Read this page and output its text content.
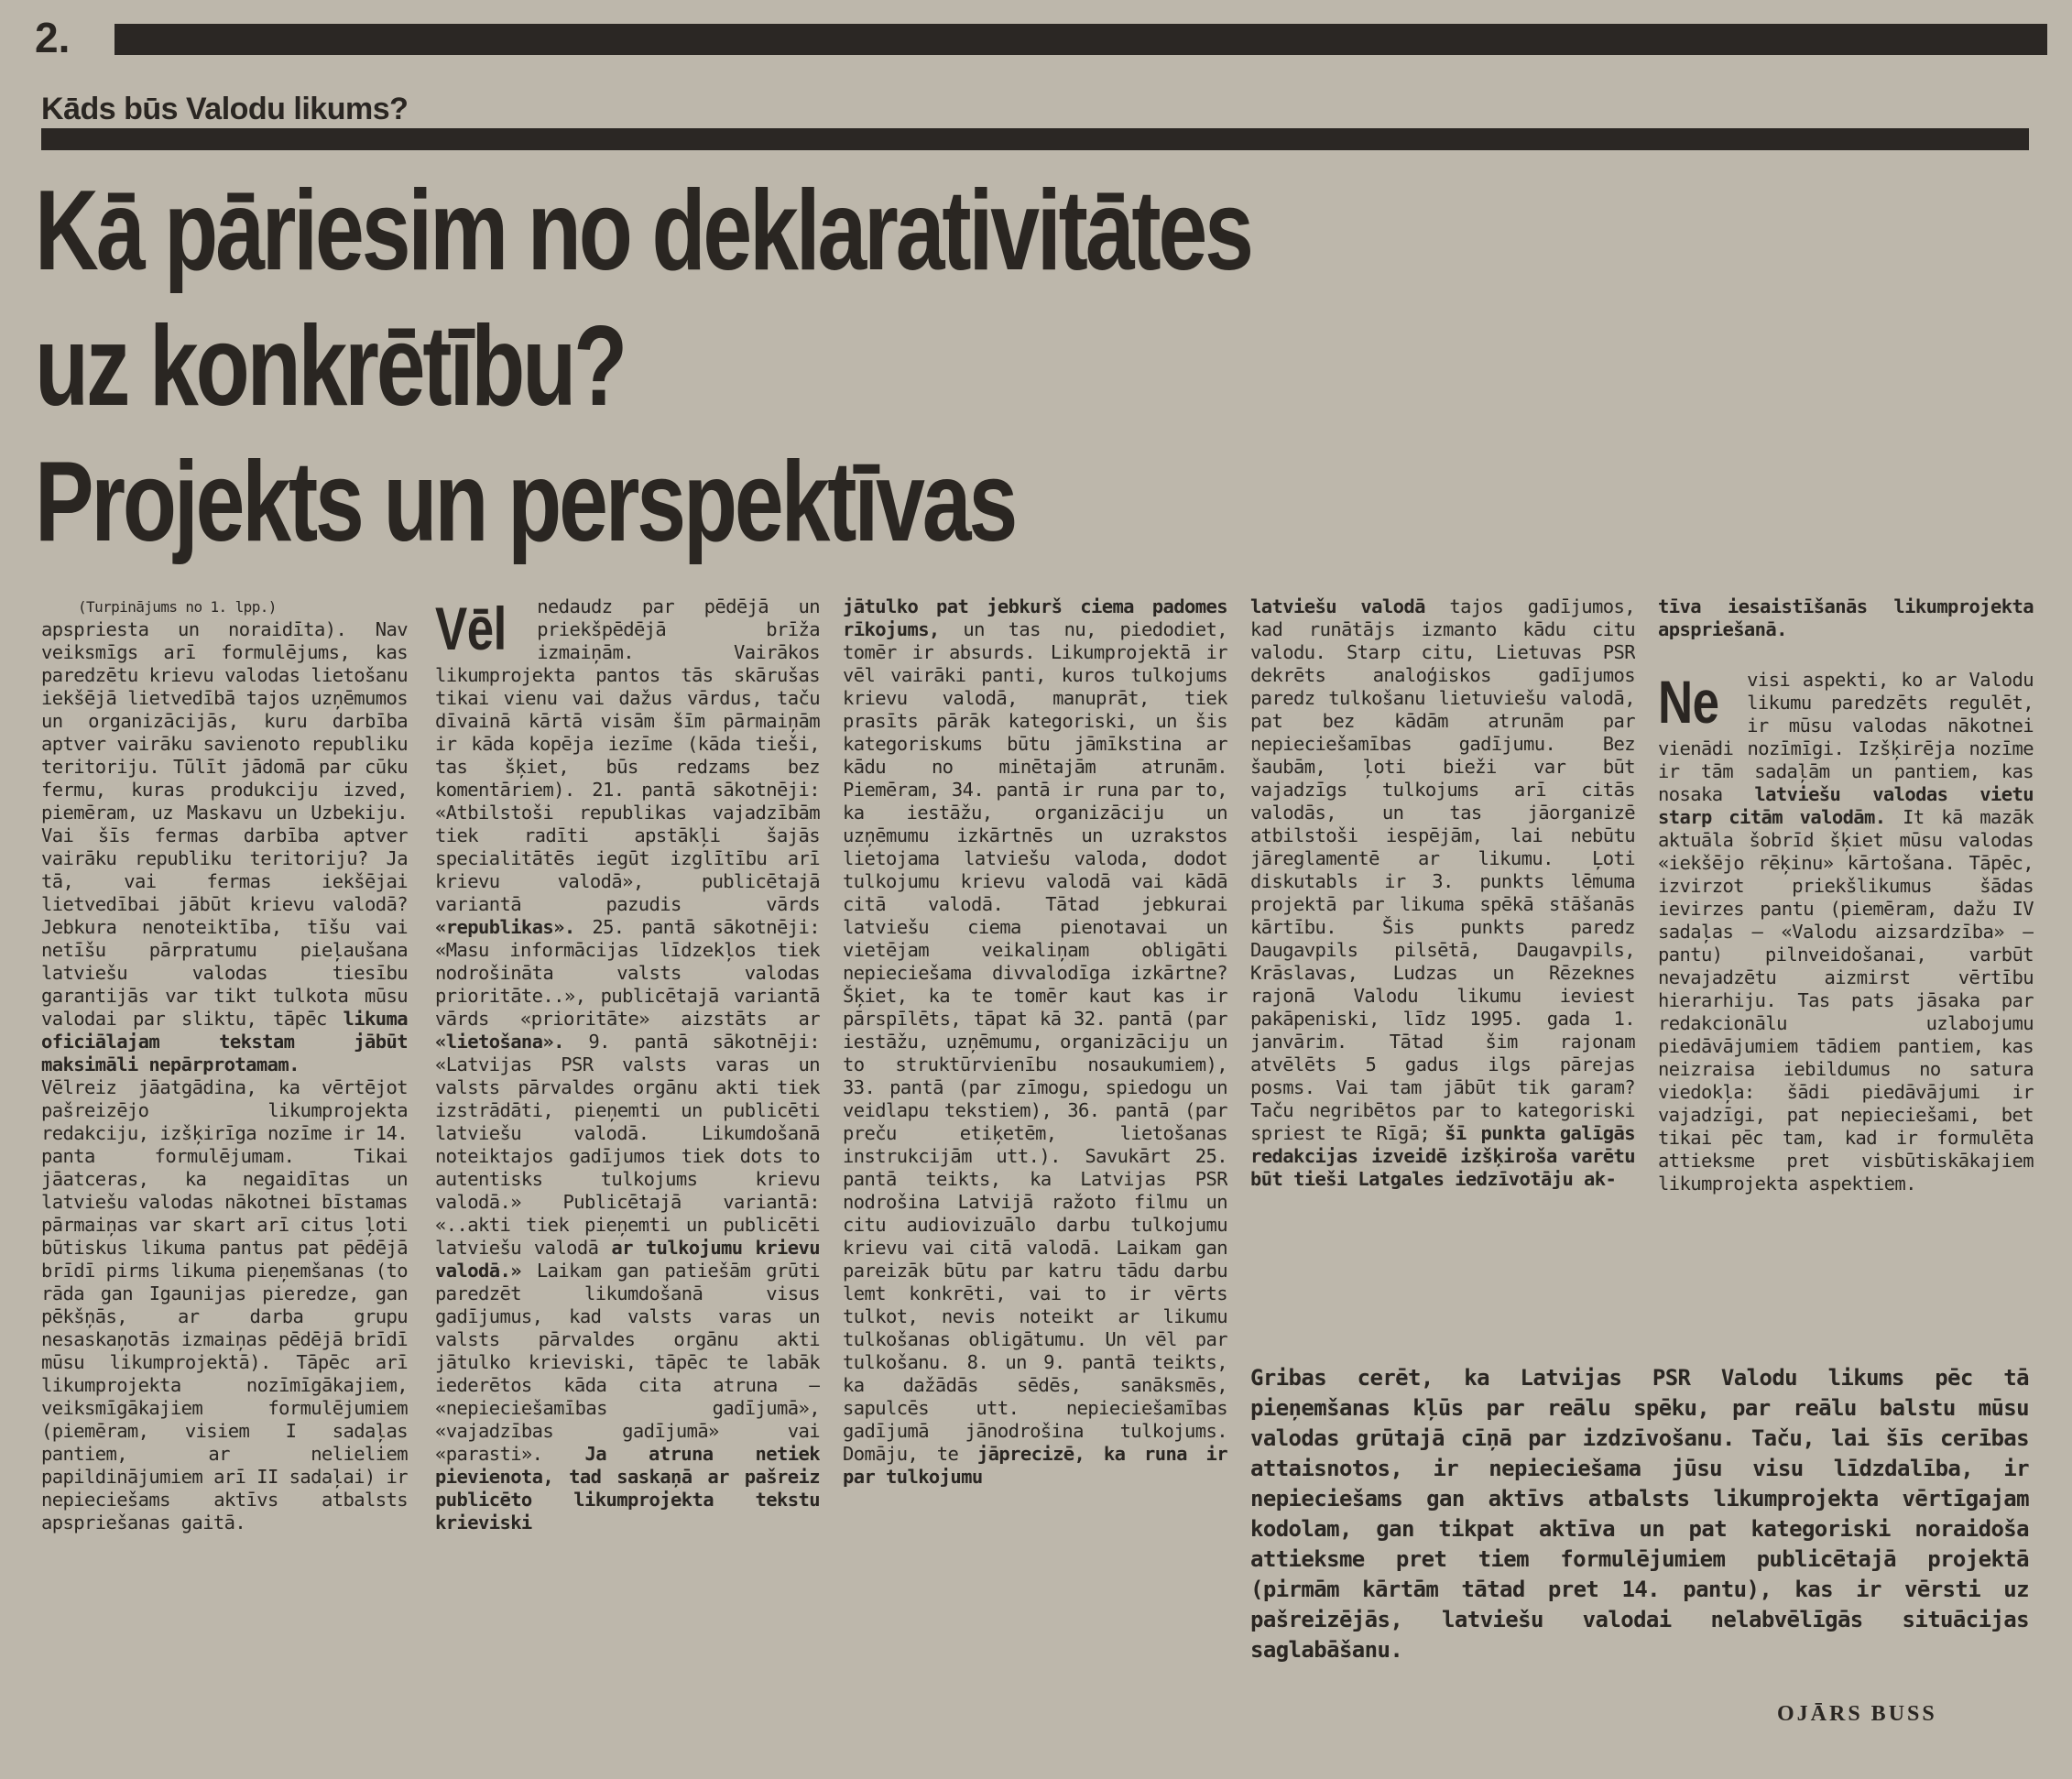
2.
Kāds būs Valodu likums?
Kā pāriesim no deklarativitātes
uz konkrētību?
Projekts un perspektīvas
(Turpinājums no 1. lpp.)

apspriesta un noraidīta). Nav veiksmīgs arī formulējums, kas paredzētu krievu valodas lietošanu iekšējā lietvedībā tajos uzņēmumos un organizācijās, kuru darbība aptver vairāku savienoto republiku teritoriju. Tūlīt jādomā par cūku fermu, kuras produkciju izved, piemēram, uz Maskavu un Uzbekiju. Vai šīs fermas darbība aptver vairāku republiku teritoriju? Ja tā, vai fermas iekšējai lietvedībai jābūt krievu valodā? Jebkura nenoteiktība, tīšu vai netīšu pārpratumu pieļaušana latviešu valodas tiesību garantijās var tikt tulkota mūsu valodai par sliktu, tāpēc likuma oficiālajam tekstam jābūt maksimāli nepārprotamam.

Vēlreiz jāatgādina, ka vērtējot pašreizējo likumprojekta redakciju, izšķirīga nozīme ir 14. panta formulējumam. Tikai jāatceras, ka negaidītas un latviešu valodas nākotnei bīstamas pārmaiņas var skart arī citus ļoti būtiskus likuma pantus pat pēdējā brīdī pirms likuma pieņemšanas (to rāda gan Igaunijas pieredze, gan pēkšņās, ar darba grupu nesaskaņotās izmaiņas pēdējā brīdī mūsu likumprojektā). Tāpēc arī likumprojekta nozīmīgākajiem, veiksmīgākajiem formulējumiem (piemēram, visiem I sadaļas pantiem, ar nelieliem papildinājumiem arī II sadaļai) ir nepieciešams aktīvs atbalsts apspriešanas gaitā.

Vēl	nedaudz par pēdējā un priekšpēdējā brīža izmaiņām. Vairākos likumprojekta pantos tās skārušas tikai vienu vai dažus vārdus, taču dīvainā kārtā visām šīm pārmaiņām ir kāda kopēja iezīme (kāda tieši, tas šķiet, būs redzams bez komentāriem). 21. pantā sākotnēji: «Atbilstoši republikas vajadzībām tiek radīti apstākļi šajās specialitātēs iegūt izglītību arī krievu valodā», publicētajā variantā pazudis vārds «republikas». 25. pantā sākotnēji: «Masu informācijas līdzekļos tiek nodrošināta valsts valodas prioritāte..», publicētajā variantā vārds «prioritāte» aizstāts ar «lietošana». 9. pantā sākotnēji: «Latvijas PSR valsts varas un valsts pārvaldes orgānu akti tiek izstrādāti, pieņemti un publicēti latviešu valodā. Likumdošanā noteiktajos gadījumos tiek dots to autentisks tulkojums krievu valodā.» Publicētajā variantā: «..akti tiek pieņemti un publicēti latviešu valodā ar tulkojumu krievu valodā.» Laikam gan patiešām grūti paredzēt likumdošanā visus gadījumus, kad valsts varas un valsts pārvaldes orgānu akti jātulko krieviski, tāpēc te labāk iederētos kāda cita atruna — «nepieciešamības gadījumā», «vajadzības gadījumā» vai «parasti». Ja atruna netiek pievienota, tad saskaņā ar pašreiz publicēto likumprojekta tekstu krieviski

jātulko pat jebkurš ciema padomes rīkojums, un tas nu, piedodiet, tomēr ir absurds. Likumprojektā ir vēl vairāki panti, kuros tulkojums krievu valodā, manuprāt, tiek prasīts pārāk kategoriski, un šis kategoriskums būtu jāmīkstina ar kādu no minētajām atrunām. Piemēram, 34. pantā ir runa par to, ka iestāžu, organizāciju un uzņēmumu izkārtnēs un uzrakstos lietojama latviešu valoda, dodot tulkojumu krievu valodā vai kādā citā valodā. Tātad jebkurai latviešu ciema pienotavai un vietējam veikaliņam obligāti nepieciešama divvalodīga izkārtne? Šķiet, ka te tomēr kaut kas ir pārspīlēts, tāpat kā 32. pantā (par iestāžu, uzņēmumu, organizāciju un to struktūrvienību nosaukumiem), 33. pantā (par zīmogu, spiedogu un veidlapu tekstiem), 36. pantā (par preču etiķetēm, lietošanas instrukcijām utt.). Savukārt 25. pantā teikts, ka Latvijas PSR nodrošina Latvijā ražoto filmu un citu audiovizuālo darbu tulkojumu krievu vai citā valodā. Laikam gan pareizāk būtu par katru tādu darbu lemt konkrēti, vai to ir vērts tulkot, nevis noteikt ar likumu tulkošanas obligātumu. Un vēl par tulkošanu. 8. un 9. pantā teikts, ka dažādās sēdēs, sanāksmēs, sapulcēs utt. nepieciešamības gadījumā jānodrošina tulkojums. Domāju, te jāprecizē, ka runa ir par tulkojumu

latviešu valodā tajos gadījumos, kad runātājs izmanto kādu citu valodu. Starp citu, Lietuvas PSR dekrēts analoģiskos gadījumos paredz tulkošanu lietuviešu valodā, pat bez kādām atrunām par nepieciešamības gadījumu. Bez šaubām, ļoti bieži var būt vajadzīgs tulkojums arī citās valodās, un tas jāorganizē atbilstoši iespējām, lai nebūtu jāreglamentē ar likumu. Ļoti diskutabls ir 3. punkts lēmuma projektā par likuma spēkā stāšanās kārtību. Šis punkts paredz Daugavpils pilsētā, Daugavpils, Krāslavas, Ludzas un Rēzeknes rajonā Valodu likumu ieviest pakāpeniski, līdz 1995. gada 1. janvārim. Tātad šim rajonam atvēlēts 5 gadus ilgs pārejas posms. Vai tam jābūt tik garam? Taču negribētos par to kategoriski spriest te Rīgā; šī punkta galīgās redakcijas izveidē izšķiroša varētu būt tieši Latgales iedzīvotāju ak-

tīva iesaistīšanās likumprojekta apspriešanā.

Ne visi aspekti, ko ar Valodu likumu paredzēts regulēt, ir mūsu valodas nākotnei vienādi nozīmīgi. Izšķirēja nozīme ir tām sadaļām un pantiem, kas nosaka latviešu valodas vietu starp citām valodām. It kā mazāk aktuāla šobrīd šķiet mūsu valodas «iekšējo rēķinu» kārtošana. Tāpēc, izvirzot priekšlikumus šādas ievirzes pantu (piemēram, dažu IV sadaļas — «Valodu aizsardzība» — pantu) pilnveidošanai, varbūt nevajadzētu aizmirst vērtību hierarhiju. Tas pats jāsaka par redakcionālu uzlabojumu piedāvājumiem tādiem pantiem, kas neizraisa iebildumus no satura viedokļa: šādi piedāvājumi ir vajadzīgi, pat nepieciešami, bet tikai pēc tam, kad ir formulēta attieksme pret visbūtiskākajiem likumprojekta aspektiem.

Gribas cerēt, ka Latvijas PSR Valodu likums pēc tā pieņemšanas kļūs par reālu spēku, par reālu balstu mūsu valodas grūtajā cīņā par izdzīvošanu. Taču, lai šīs cerības attaisnotos, ir nepieciešama jūsu visu līdzdalība, ir nepieciešams gan aktīvs atbalsts likumprojekta vērtīgajam kodolam, gan tikpat aktīva un pat kategoriski noraidoša attieksme pret tiem formulējumiem publicētajā projektā (pirmām kārtām tātad pret 14. pantu), kas ir vērsti uz pašreizējās, latviešu valodai nelabvēlīgās situācijas saglabāšanu.
OJĀRS BUSS
